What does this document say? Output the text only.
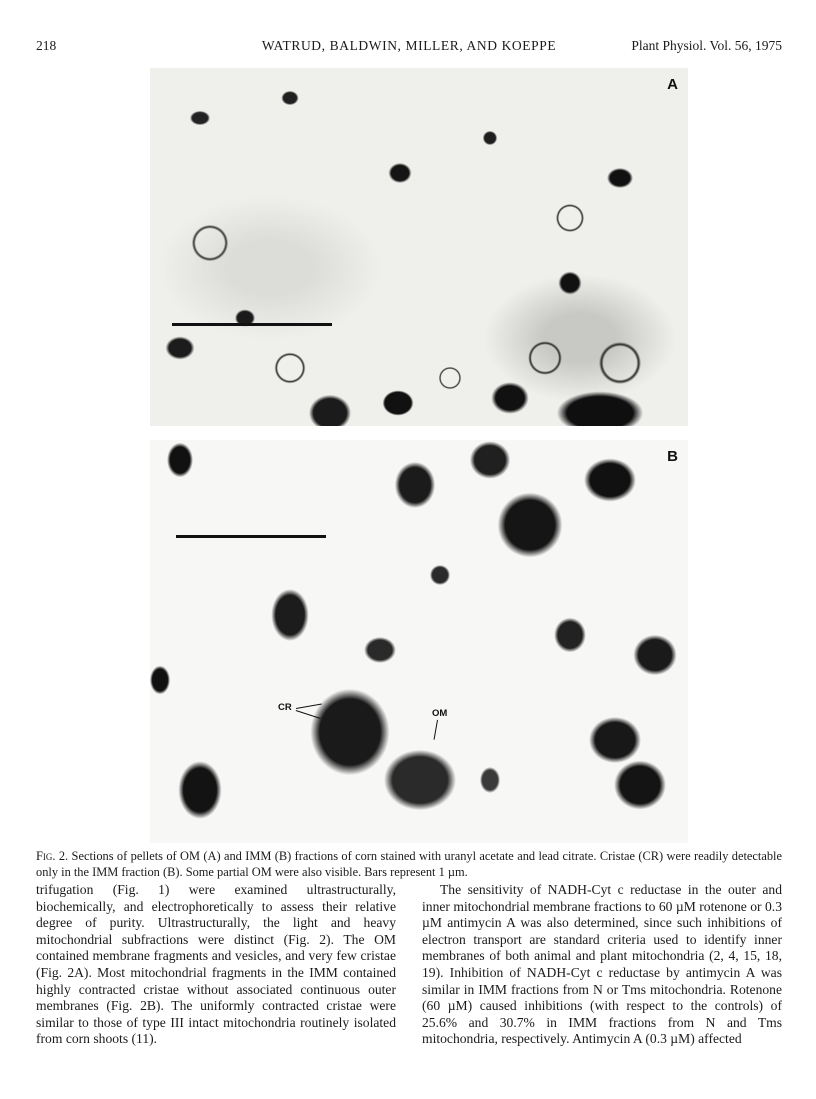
218	WATRUD, BALDWIN, MILLER, AND KOEPPE	Plant Physiol. Vol. 56, 1975
A
B
CR
OM
Fig. 2. Sections of pellets of OM (A) and IMM (B) fractions of corn stained with uranyl acetate and lead citrate. Cristae (CR) were readily detectable only in the IMM fraction (B). Some partial OM were also visible. Bars represent 1 µm.

trifugation (Fig. 1) were examined ultrastructurally, biochemically, and electrophoretically to assess their relative degree of purity. Ultrastructurally, the light and heavy mitochondrial subfractions were distinct (Fig. 2). The OM contained membrane fragments and vesicles, and very few cristae (Fig. 2A). Most mitochondrial fragments in the IMM contained highly contracted cristae without associated continuous outer membranes (Fig. 2B). The uniformly contracted cristae were similar to those of type III intact mitochondria routinely isolated from corn shoots (11).

The sensitivity of NADH-Cyt c reductase in the outer and inner mitochondrial membrane fractions to 60 µM rotenone or 0.3 µM antimycin A was also determined, since such inhibitions of electron transport are standard criteria used to identify inner membranes of both animal and plant mitochondria (2, 4, 15, 18, 19). Inhibition of NADH-Cyt c reductase by antimycin A was similar in IMM fractions from N or Tms mitochondria. Rotenone (60 µM) caused inhibitions (with respect to the controls) of 25.6% and 30.7% in IMM fractions from N and Tms mitochondria, respectively. Antimycin A (0.3 µM) affected
